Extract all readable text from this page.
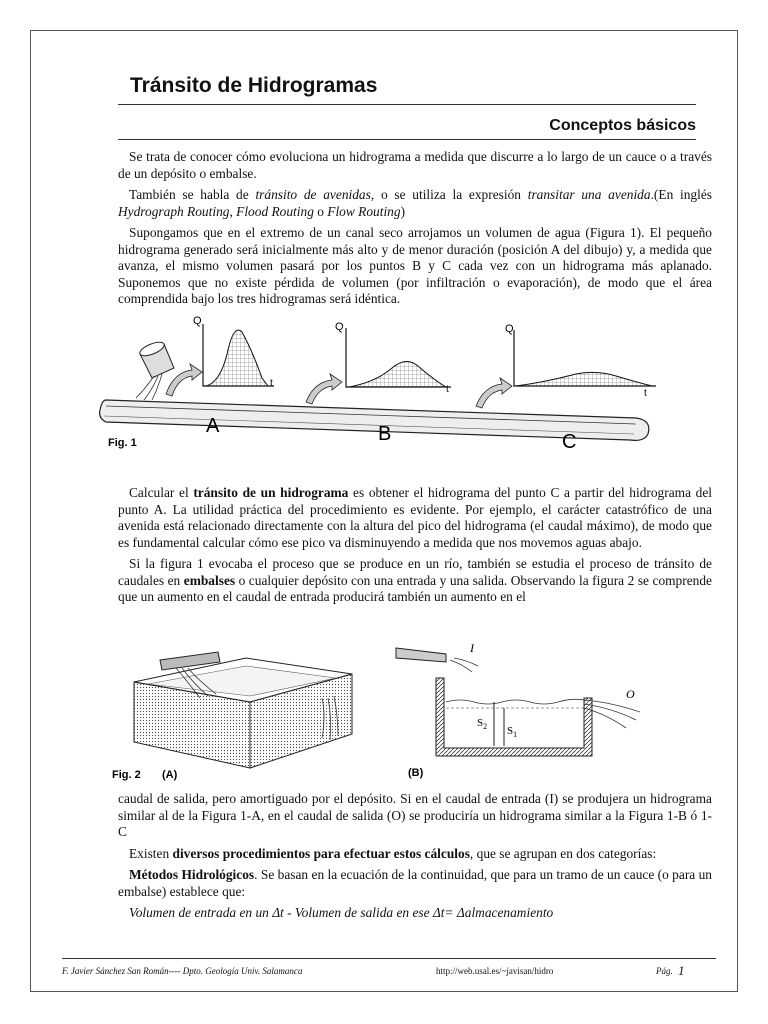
Tránsito de Hidrogramas
Conceptos básicos

Se trata de conocer cómo evoluciona un hidrograma a medida que discurre a lo largo de un cauce o a través de un depósito o embalse.

También se habla de tránsito de avenidas, o se utiliza la expresión transitar una avenida.(En inglés Hydrograph Routing, Flood Routing o Flow Routing)

Supongamos que en el extremo de un canal seco arrojamos un volumen de agua (Figura 1). El pequeño hidrograma generado será inicialmente más alto y de menor duración (posición A del dibujo) y, a medida que avanza, el mismo volumen pasará por los puntos B y C cada vez con un hidrograma más aplanado. Suponemos que no existe pérdida de volumen (por infiltración o evaporación), de modo que el área comprendida bajo los tres hidrogramas será idéntica.

Q
t
Q
t
Q
t
A	B	C
Fig. 1

Calcular el tránsito de un hidrograma es obtener el hidrograma del punto C a partir del hidrograma del punto A. La utilidad práctica del procedimiento es evidente. Por ejemplo, el carácter catastrófico de una avenida está relacionado directamente con la altura del pico del hidrograma (el caudal máximo), de modo que es fundamental calcular cómo ese pico va disminuyendo a medida que nos movemos aguas abajo.

Si la figura 1 evocaba el proceso que se produce en un río, también se estudia el proceso de tránsito de caudales en embalses o cualquier depósito con una entrada y una salida. Observando la figura 2 se comprende que un aumento en el caudal de entrada producirá también un aumento en el

I
O
$S_2$ $S_1$
Fig. 2 (A)	(B)

caudal de salida, pero amortiguado por el depósito. Si en el caudal de entrada (I) se produjera un hidrograma similar al de la Figura 1-A, en el caudal de salida (O) se produciría un hidrograma similar a la Figura 1-B ó 1-C

Existen diversos procedimientos para efectuar estos cálculos, que se agrupan en dos categorías:

Métodos Hidrológicos. Se basan en la ecuación de la continuidad, que para un tramo de un cauce (o para un embalse) establece que:

Volumen de entrada en un Δt - Volumen de salida en ese Δt= Δalmacenamiento

F. Javier Sánchez San Román---- Dpto. Geología Univ. Salamanca	http://web.usal.es/~javisan/hidro	Pág. 1
